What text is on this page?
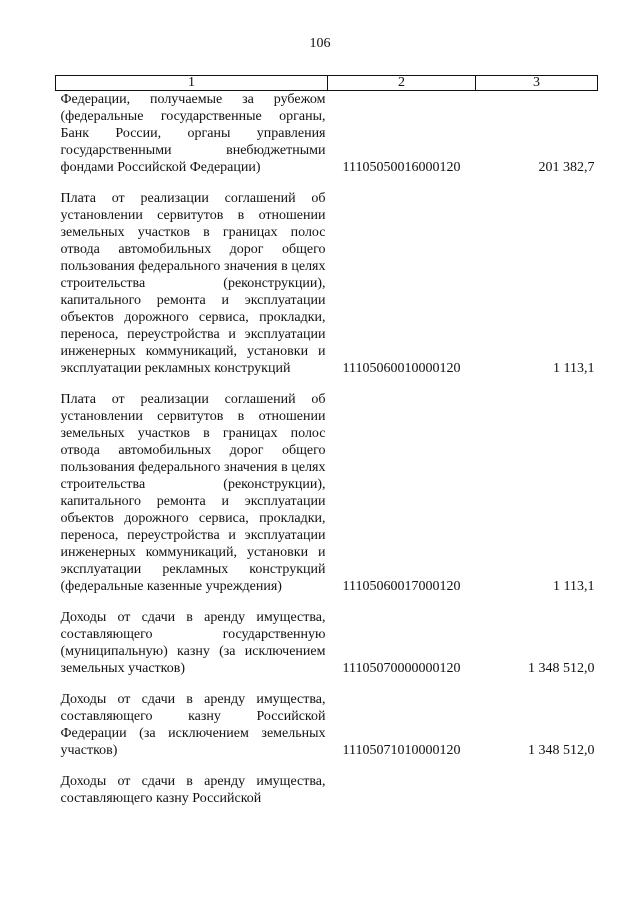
106
1	2	3
Федерации, получаемые за рубежом (федеральные государственные органы, Банк России, органы управления государственными внебюджетными фондами Российской Федерации)	11105050016000120	201 382,7
Плата от реализации соглашений об установлении сервитутов в отношении земельных участков в границах полос отвода автомобильных дорог общего пользования федерального значения в целях строительства (реконструкции), капитального ремонта и эксплуатации объектов дорожного сервиса, прокладки, переноса, переустройства и эксплуатации инженерных коммуникаций, установки и эксплуатации рекламных конструкций	11105060010000120	1 113,1
Плата от реализации соглашений об установлении сервитутов в отношении земельных участков в границах полос отвода автомобильных дорог общего пользования федерального значения в целях строительства (реконструкции), капитального ремонта и эксплуатации объектов дорожного сервиса, прокладки, переноса, переустройства и эксплуатации инженерных коммуникаций, установки и эксплуатации рекламных конструкций (федеральные казенные учреждения)	11105060017000120	1 113,1
Доходы от сдачи в аренду имущества, составляющего государственную (муниципальную) казну (за исключением земельных участков)	11105070000000120	1 348 512,0
Доходы от сдачи в аренду имущества, составляющего казну Российской Федерации (за исключением земельных участков)	11105071010000120	1 348 512,0
Доходы от сдачи в аренду имущества, составляющего казну Российской		
